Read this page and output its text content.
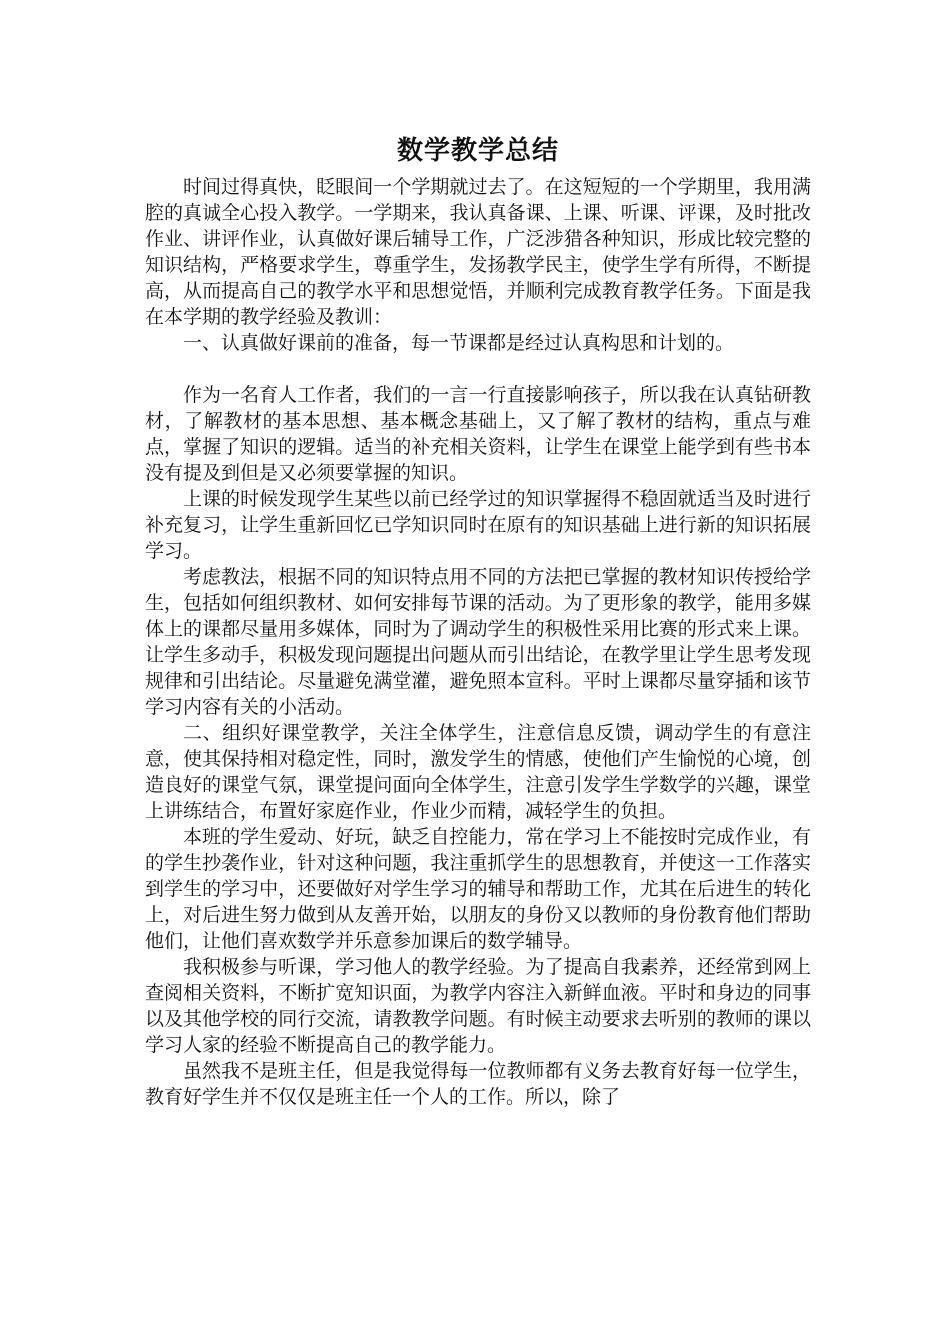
数学教学总结

时间过得真快，眨眼间一个学期就过去了。在这短短的一个学期里，我用满腔的真诚全心投入教学。一学期来，我认真备课、上课、听课、评课，及时批改作业、讲评作业，认真做好课后辅导工作，广泛涉猎各种知识，形成比较完整的知识结构，严格要求学生，尊重学生，发扬教学民主，使学生学有所得，不断提高，从而提高自己的教学水平和思想觉悟，并顺利完成教育教学任务。下面是我在本学期的教学经验及教训：

一、认真做好课前的准备，每一节课都是经过认真构思和计划的。

作为一名育人工作者，我们的一言一行直接影响孩子，所以我在认真钻研教材，了解教材的基本思想、基本概念基础上，又了解了教材的结构，重点与难点，掌握了知识的逻辑。适当的补充相关资料，让学生在课堂上能学到有些书本没有提及到但是又必须要掌握的知识。

上课的时候发现学生某些以前已经学过的知识掌握得不稳固就适当及时进行补充复习，让学生重新回忆已学知识同时在原有的知识基础上进行新的知识拓展学习。

考虑教法，根据不同的知识特点用不同的方法把已掌握的教材知识传授给学生，包括如何组织教材、如何安排每节课的活动。为了更形象的教学，能用多媒体上的课都尽量用多媒体，同时为了调动学生的积极性采用比赛的形式来上课。让学生多动手，积极发现问题提出问题从而引出结论，在教学里让学生思考发现规律和引出结论。尽量避免满堂灌，避免照本宣科。平时上课都尽量穿插和该节学习内容有关的小活动。

二、组织好课堂教学，关注全体学生，注意信息反馈，调动学生的有意注意，使其保持相对稳定性，同时，激发学生的情感，使他们产生愉悦的心境，创造良好的课堂气氛，课堂提问面向全体学生，注意引发学生学数学的兴趣，课堂上讲练结合，布置好家庭作业，作业少而精，减轻学生的负担。

本班的学生爱动、好玩，缺乏自控能力，常在学习上不能按时完成作业，有的学生抄袭作业，针对这种问题，我注重抓学生的思想教育，并使这一工作落实到学生的学习中，还要做好对学生学习的辅导和帮助工作，尤其在后进生的转化上，对后进生努力做到从友善开始，以朋友的身份又以教师的身份教育他们帮助他们，让他们喜欢数学并乐意参加课后的数学辅导。

我积极参与听课，学习他人的教学经验。为了提高自我素养，还经常到网上查阅相关资料，不断扩宽知识面，为教学内容注入新鲜血液。平时和身边的同事以及其他学校的同行交流，请教教学问题。有时候主动要求去听别的教师的课以学习人家的经验不断提高自己的教学能力。

虽然我不是班主任，但是我觉得每一位教师都有义务去教育好每一位学生，教育好学生并不仅仅是班主任一个人的工作。所以，除了
